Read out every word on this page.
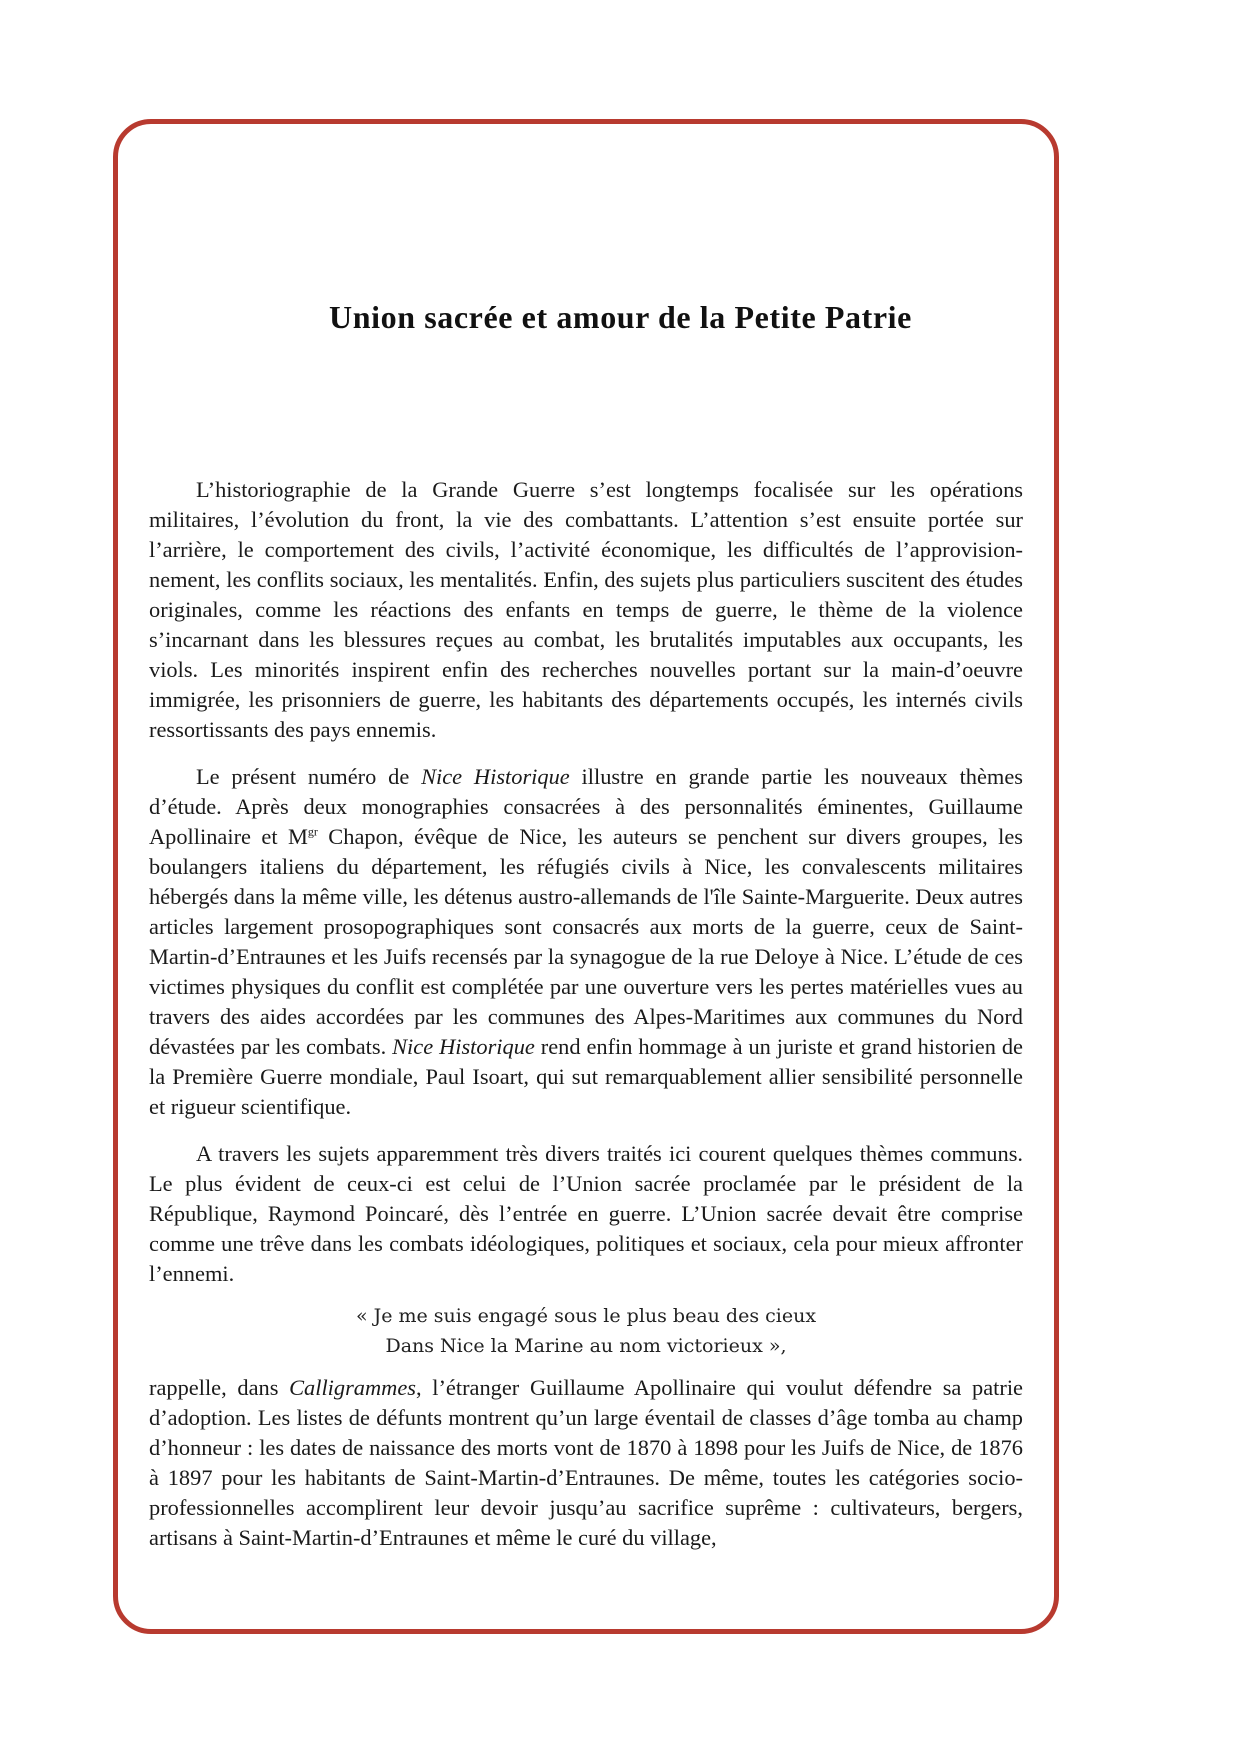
Union sacrée et amour de la Petite Patrie

L’historiographie de la Grande Guerre s’est longtemps focalisée sur les opérations militaires, l’évolution du front, la vie des combattants. L’attention s’est ensuite portée sur l’arrière, le comportement des civils, l’activité économique, les difficultés de l’approvisionnement, les conflits sociaux, les mentalités. Enfin, des sujets plus particuliers suscitent des études originales, comme les réactions des enfants en temps de guerre, le thème de la violence s’incarnant dans les blessures reçues au combat, les brutalités imputables aux occupants, les viols. Les minorités inspirent enfin des recherches nouvelles portant sur la main-d’oeuvre immigrée, les prisonniers de guerre, les habitants des départements occupés, les internés civils ressortissants des pays ennemis.

Le présent numéro de Nice Historique illustre en grande partie les nouveaux thèmes d’étude. Après deux monographies consacrées à des personnalités éminentes, Guillaume Apollinaire et $M^{gr}$ Chapon, évêque de Nice, les auteurs se penchent sur divers groupes, les boulangers italiens du département, les réfugiés civils à Nice, les convalescents militaires hébergés dans la même ville, les détenus austro-allemands de l'île Sainte-Marguerite. Deux autres articles largement prosopographiques sont consacrés aux morts de la guerre, ceux de Saint-Martin-d’Entraunes et les Juifs recensés par la synagogue de la rue Deloye à Nice. L’étude de ces victimes physiques du conflit est complétée par une ouverture vers les pertes matérielles vues au travers des aides accordées par les communes des Alpes-Maritimes aux communes du Nord dévastées par les combats. Nice Historique rend enfin hommage à un juriste et grand historien de la Première Guerre mondiale, Paul Isoart, qui sut remarquablement allier sensibilité personnelle et rigueur scientifique.

A travers les sujets apparemment très divers traités ici courent quelques thèmes communs. Le plus évident de ceux-ci est celui de l’Union sacrée proclamée par le président de la République, Raymond Poincaré, dès l’entrée en guerre. L’Union sacrée devait être comprise comme une trêve dans les combats idéologiques, politiques et sociaux, cela pour mieux affronter l’ennemi.

« Je me suis engagé sous le plus beau des cieux
Dans Nice la Marine au nom victorieux »,

rappelle, dans Calligrammes, l’étranger Guillaume Apollinaire qui voulut défendre sa patrie d’adoption. Les listes de défunts montrent qu’un large éventail de classes d’âge tomba au champ d’honneur : les dates de naissance des morts vont de 1870 à 1898 pour les Juifs de Nice, de 1876 à 1897 pour les habitants de Saint-Martin-d’Entraunes. De même, toutes les catégories socio-professionnelles accomplirent leur devoir jusqu’au sacrifice suprême : cultivateurs, bergers, artisans à Saint-Martin-d’Entraunes et même le curé du village,
